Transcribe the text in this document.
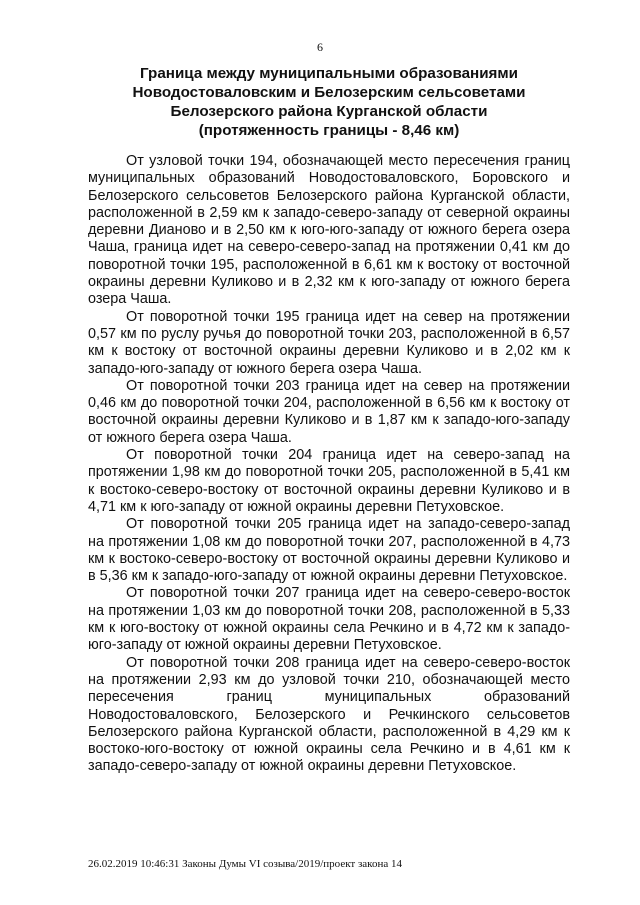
6
Граница между муниципальными образованиями
Новодостоваловским и Белозерским сельсоветами
Белозерского района Курганской области
(протяженность границы - 8,46 км)

От узловой точки 194, обозначающей место пересечения границ муниципальных образований Новодостоваловского, Боровского и Белозерского сельсоветов Белозерского района Курганской области, расположенной в 2,59 км к западо-северо-западу от северной окраины деревни Дианово и в 2,50 км к юго-юго-западу от южного берега озера Чаша, граница идет на северо-северо-запад на протяжении 0,41 км до поворотной точки 195, расположенной в 6,61 км к востоку от восточной окраины деревни Куликово и в 2,32 км к юго-западу от южного берега озера Чаша.

От поворотной точки 195 граница идет на север на протяжении 0,57 км по руслу ручья до поворотной точки 203, расположенной в 6,57 км к востоку от восточной окраины деревни Куликово и в 2,02 км к западо-юго-западу от южного берега озера Чаша.

От поворотной точки 203 граница идет на север на протяжении 0,46 км до поворотной точки 204, расположенной в 6,56 км к востоку от восточной окраины деревни Куликово и в 1,87 км к западо-юго-западу от южного берега озера Чаша.

От поворотной точки 204 граница идет на северо-запад на протяжении 1,98 км до поворотной точки 205, расположенной в 5,41 км к востоко-северо-востоку от восточной окраины деревни Куликово и в 4,71 км к юго-западу от южной окраины деревни Петуховское.

От поворотной точки 205 граница идет на западо-северо-запад на протяжении 1,08 км до поворотной точки 207, расположенной в 4,73 км к востоко-северо-востоку от восточной окраины деревни Куликово и в 5,36 км к западо-юго-западу от южной окраины деревни Петуховское.

От поворотной точки 207 граница идет на северо-северо-восток на протяжении 1,03 км до поворотной точки 208, расположенной в 5,33 км к юго-востоку от южной окраины села Речкино и в 4,72 км к западо-юго-западу от южной окраины деревни Петуховское.

От поворотной точки 208 граница идет на северо-северо-восток на протяжении 2,93 км до узловой точки 210, обозначающей место пересечения границ муниципальных образований Новодостоваловского, Белозерского и Речкинского сельсоветов Белозерского района Курганской области, расположенной в 4,29 км к востоко-юго-востоку от южной окраины села Речкино и в 4,61 км к западо-северо-западу от южной окраины деревни Петуховское.

26.02.2019 10:46:31 Законы Думы VI созыва/2019/проект закона 14
